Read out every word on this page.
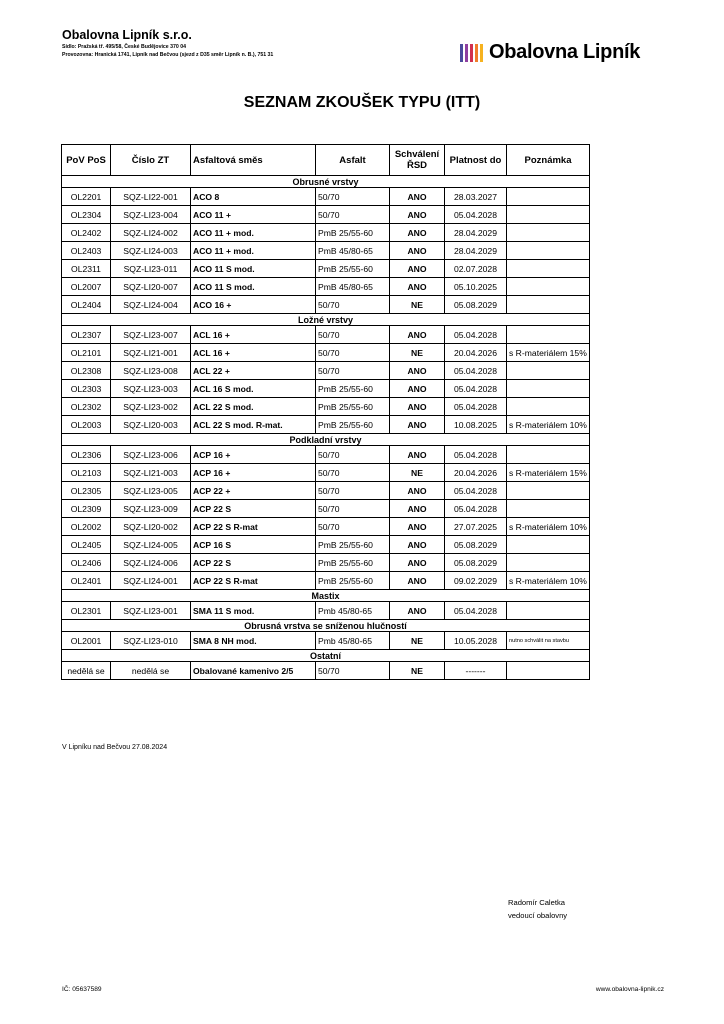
Obalovna Lipník s.r.o.
Sídlo: Pražská tř. 495/58, České Budějovice 370 04
Provozovna: Hranická 1741, Lipník nad Bečvou (sjezd z D35 směr Lipník n. B.), 751 31	Obalovna Lipník
SEZNAM ZKOUŠEK TYPU (ITT)
PoV PoS	Číslo ZT	Asfaltová směs	Asfalt	Schválení ŘSD	Platnost do	Poznámka
Obrusné vrstvy						
OL2201	SQZ-LI22-001	ACO 8	50/70	ANO	28.03.2027	
OL2304	SQZ-LI23-004	ACO 11 +	50/70	ANO	05.04.2028	
OL2402	SQZ-LI24-002	ACO 11 + mod.	PmB 25/55-60	ANO	28.04.2029	
OL2403	SQZ-LI24-003	ACO 11 + mod.	PmB 45/80-65	ANO	28.04.2029	
OL2311	SQZ-LI23-011	ACO 11 S mod.	PmB 25/55-60	ANO	02.07.2028	
OL2007	SQZ-LI20-007	ACO 11 S mod.	PmB 45/80-65	ANO	05.10.2025	
OL2404	SQZ-LI24-004	ACO 16 +	50/70	NE	05.08.2029	
Ložné vrstvy						
OL2307	SQZ-LI23-007	ACL 16 +	50/70	ANO	05.04.2028	
OL2101	SQZ-LI21-001	ACL 16 +	50/70	NE	20.04.2026	s R-materiálem 15%
OL2308	SQZ-LI23-008	ACL 22 +	50/70	ANO	05.04.2028	
OL2303	SQZ-LI23-003	ACL 16 S mod.	PmB 25/55-60	ANO	05.04.2028	
OL2302	SQZ-LI23-002	ACL 22 S mod.	PmB 25/55-60	ANO	05.04.2028	
OL2003	SQZ-LI20-003	ACL 22 S mod. R-mat.	PmB 25/55-60	ANO	10.08.2025	s R-materiálem 10%
Podkladní vrstvy						
OL2306	SQZ-LI23-006	ACP 16 +	50/70	ANO	05.04.2028	
OL2103	SQZ-LI21-003	ACP 16 +	50/70	NE	20.04.2026	s R-materiálem 15%
OL2305	SQZ-LI23-005	ACP 22 +	50/70	ANO	05.04.2028	
OL2309	SQZ-LI23-009	ACP 22 S	50/70	ANO	05.04.2028	
OL2002	SQZ-LI20-002	ACP 22 S R-mat	50/70	ANO	27.07.2025	s R-materiálem 10%
OL2405	SQZ-LI24-005	ACP 16 S	PmB 25/55-60	ANO	05.08.2029	
OL2406	SQZ-LI24-006	ACP 22 S	PmB 25/55-60	ANO	05.08.2029	
OL2401	SQZ-LI24-001	ACP 22 S R-mat	PmB 25/55-60	ANO	09.02.2029	s R-materiálem 10%
Mastix						
OL2301	SQZ-LI23-001	SMA 11 S mod.	Pmb 45/80-65	ANO	05.04.2028	
Obrusná vrstva se sníženou hlučností						
OL2001	SQZ-LI23-010	SMA 8 NH mod.	Pmb 45/80-65	NE	10.05.2028	nutno schválit na stavbu
Ostatní						
nedělá se	nedělá se	Obalované kamenivo 2/5	50/70	NE	-------	
V Lipníku nad Bečvou 27.08.2024
Radomír Caletka
vedoucí obalovny
IČ: 05637589	www.obalovna-lipnik.cz
